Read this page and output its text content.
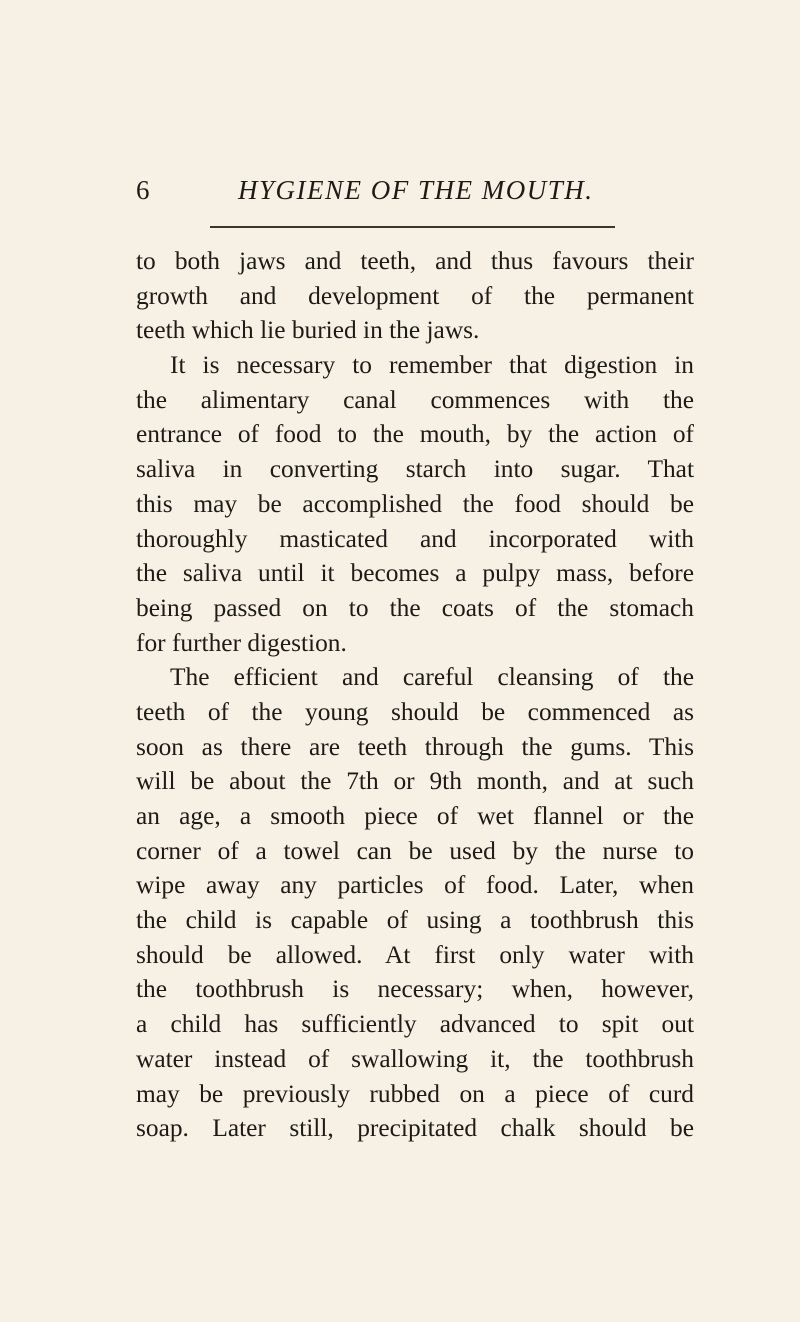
6	HYGIENE OF THE MOUTH.
to both jaws and teeth, and thus favours their
growth and development of the permanent
teeth which lie buried in the jaws.
It is necessary to remember that digestion in
the alimentary canal commences with the
entrance of food to the mouth, by the action of
saliva in converting starch into sugar. That
this may be accomplished the food should be
thoroughly masticated and incorporated with
the saliva until it becomes a pulpy mass, before
being passed on to the coats of the stomach
for further digestion.
The efficient and careful cleansing of the
teeth of the young should be commenced as
soon as there are teeth through the gums. This
will be about the 7th or 9th month, and at such
an age, a smooth piece of wet flannel or the
corner of a towel can be used by the nurse to
wipe away any particles of food. Later, when
the child is capable of using a toothbrush this
should be allowed. At first only water with
the toothbrush is necessary; when, however,
a child has sufficiently advanced to spit out
water instead of swallowing it, the toothbrush
may be previously rubbed on a piece of curd
soap. Later still, precipitated chalk should be
